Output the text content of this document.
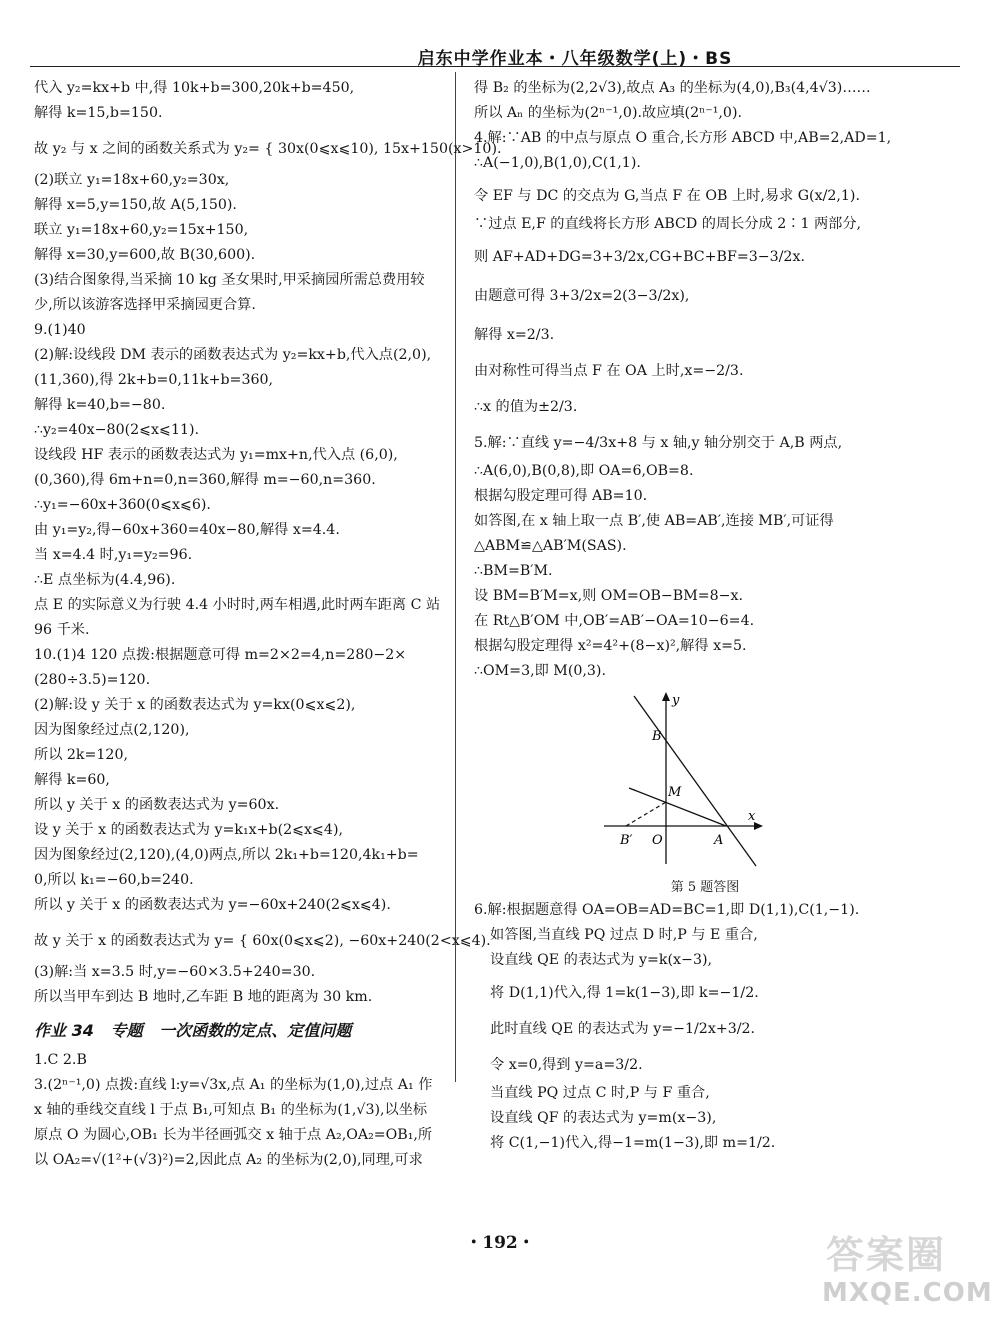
启东中学作业本・八年级数学(上)・BS
代入 y₂=kx+b 中,得 10k+b=300,20k+b=450,
解得 k=15,b=150.
故 y₂ 与 x 之间的函数关系式为 y₂= { 30x(0⩽x⩽10), 15x+150(x>10).
(2)联立 y₁=18x+60,y₂=30x,
解得 x=5,y=150,故 A(5,150).
联立 y₁=18x+60,y₂=15x+150,
解得 x=30,y=600,故 B(30,600).
(3)结合图象得,当采摘 10 kg 圣女果时,甲采摘园所需总费用较
少,所以该游客选择甲采摘园更合算.
9.(1)40
(2)解:设线段 DM 表示的函数表达式为 y₂=kx+b,代入点(2,0),
(11,360),得 2k+b=0,11k+b=360,
解得 k=40,b=−80.
∴y₂=40x−80(2⩽x⩽11).
设线段 HF 表示的函数表达式为 y₁=mx+n,代入点 (6,0),
(0,360),得 6m+n=0,n=360,解得 m=−60,n=360.
∴y₁=−60x+360(0⩽x⩽6).
由 y₁=y₂,得−60x+360=40x−80,解得 x=4.4.
当 x=4.4 时,y₁=y₂=96.
∴E 点坐标为(4.4,96).
点 E 的实际意义为行驶 4.4 小时时,两车相遇,此时两车距离 C 站
96 千米.
10.(1)4 120 点拨:根据题意可得 m=2×2=4,n=280−2×
(280÷3.5)=120.
(2)解:设 y 关于 x 的函数表达式为 y=kx(0⩽x⩽2),
因为图象经过点(2,120),
所以 2k=120,
解得 k=60,
所以 y 关于 x 的函数表达式为 y=60x.
设 y 关于 x 的函数表达式为 y=k₁x+b(2⩽x⩽4),
因为图象经过(2,120),(4,0)两点,所以 2k₁+b=120,4k₁+b=
0,所以 k₁=−60,b=240.
所以 y 关于 x 的函数表达式为 y=−60x+240(2⩽x⩽4).
故 y 关于 x 的函数表达式为 y= { 60x(0⩽x⩽2), −60x+240(2<x⩽4).
(3)解:当 x=3.5 时,y=−60×3.5+240=30.
所以当甲车到达 B 地时,乙车距 B 地的距离为 30 km.
作业 34 专题 一次函数的定点、定值问题
1.C 2.B
3.(2ⁿ⁻¹,0) 点拨:直线 l:y=√3x,点 A₁ 的坐标为(1,0),过点 A₁ 作
x 轴的垂线交直线 l 于点 B₁,可知点 B₁ 的坐标为(1,√3),以坐标
原点 O 为圆心,OB₁ 长为半径画弧交 x 轴于点 A₂,OA₂=OB₁,所
以 OA₂=√(1²+(√3)²)=2,因此点 A₂ 的坐标为(2,0),同理,可求
得 B₂ 的坐标为(2,2√3),故点 A₃ 的坐标为(4,0),B₃(4,4√3)……
所以 Aₙ 的坐标为(2ⁿ⁻¹,0).故应填(2ⁿ⁻¹,0).
4.解:∵AB 的中点与原点 O 重合,长方形 ABCD 中,AB=2,AD=1,
∴A(−1,0),B(1,0),C(1,1).
令 EF 与 DC 的交点为 G,当点 F 在 OB 上时,易求 G(x/2,1).
∵过点 E,F 的直线将长方形 ABCD 的周长分成 2∶1 两部分,
则 AF+AD+DG=3+3/2x,CG+BC+BF=3−3/2x.
由题意可得 3+3/2x=2(3−3/2x),
解得 x=2/3.
由对称性可得当点 F 在 OA 上时,x=−2/3.
∴x 的值为±2/3.
5.解:∵直线 y=−4/3x+8 与 x 轴,y 轴分别交于 A,B 两点,
∴A(6,0),B(0,8),即 OA=6,OB=8.
根据勾股定理可得 AB=10.
如答图,在 x 轴上取一点 B′,使 AB=AB′,连接 MB′,可证得
△ABM≌△AB′M(SAS).
∴BM=B′M.
设 BM=B′M=x,则 OM=OB−BM=8−x.
在 Rt△B′OM 中,OB′=AB′−OA=10−6=4.
根据勾股定理得 x²=4²+(8−x)²,解得 x=5.
∴OM=3,即 M(0,3).
y
x
B
M
O	A
B′
第 5 题答图
6.解:根据题意得 OA=OB=AD=BC=1,即 D(1,1),C(1,−1).
如答图,当直线 PQ 过点 D 时,P 与 E 重合,
设直线 QE 的表达式为 y=k(x−3),
将 D(1,1)代入,得 1=k(1−3),即 k=−1/2.
此时直线 QE 的表达式为 y=−1/2x+3/2.
令 x=0,得到 y=a=3/2.
当直线 PQ 过点 C 时,P 与 F 重合,
设直线 QF 的表达式为 y=m(x−3),
将 C(1,−1)代入,得−1=m(1−3),即 m=1/2.
・192・	答案圈
MXQE.COM
